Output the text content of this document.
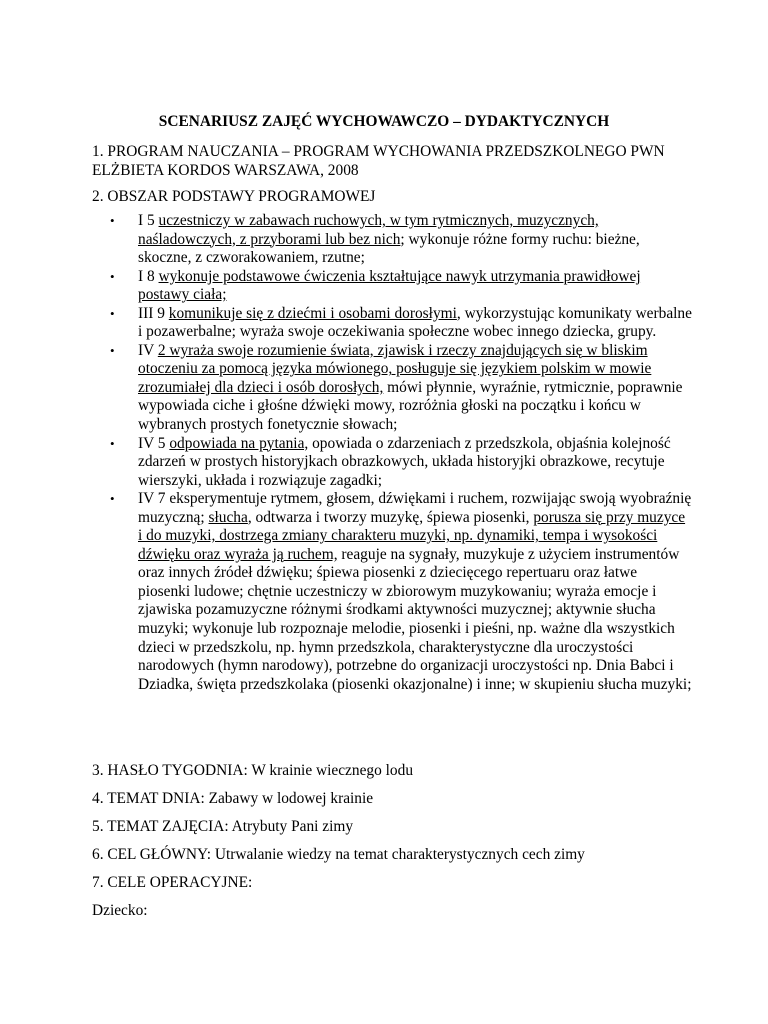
SCENARIUSZ ZAJĘĆ WYCHOWAWCZO – DYDAKTYCZNYCH

1. PROGRAM NAUCZANIA – PROGRAM WYCHOWANIA PRZEDSZKOLNEGO PWN

ELŻBIETA KORDOS WARSZAWA, 2008

2. OBSZAR PODSTAWY PROGRAMOWEJ

• I 5 uczestniczy w zabawach ruchowych, w tym rytmicznych, muzycznych, naśladowczych, z przyborami lub bez nich; wykonuje różne formy ruchu: bieżne, skoczne, z czworakowaniem, rzutne;
• I 8 wykonuje podstawowe ćwiczenia kształtujące nawyk utrzymania prawidłowej postawy ciała;
• III 9 komunikuje się z dziećmi i osobami dorosłymi, wykorzystując komunikaty werbalne i pozawerbalne; wyraża swoje oczekiwania społeczne wobec innego dziecka, grupy.
• IV 2 wyraża swoje rozumienie świata, zjawisk i rzeczy znajdujących się w bliskim otoczeniu za pomocą języka mówionego, posługuje się językiem polskim w mowie zrozumiałej dla dzieci i osób dorosłych, mówi płynnie, wyraźnie, rytmicznie, poprawnie wypowiada ciche i głośne dźwięki mowy, rozróżnia głoski na początku i końcu w wybranych prostych fonetycznie słowach;
• IV 5 odpowiada na pytania, opowiada o zdarzeniach z przedszkola, objaśnia kolejność zdarzeń w prostych historyjkach obrazkowych, układa historyjki obrazkowe, recytuje wierszyki, układa i rozwiązuje zagadki;
• IV 7 eksperymentuje rytmem, głosem, dźwiękami i ruchem, rozwijając swoją wyobraźnię muzyczną; słucha, odtwarza i tworzy muzykę, śpiewa piosenki, porusza się przy muzyce i do muzyki, dostrzega zmiany charakteru muzyki, np. dynamiki, tempa i wysokości dźwięku oraz wyraża ją ruchem, reaguje na sygnały, muzykuje z użyciem instrumentów oraz innych źródeł dźwięku; śpiewa piosenki z dziecięcego repertuaru oraz łatwe piosenki ludowe; chętnie uczestniczy w zbiorowym muzykowaniu; wyraża emocje i zjawiska pozamuzyczne różnymi środkami aktywności muzycznej; aktywnie słucha muzyki; wykonuje lub rozpoznaje melodie, piosenki i pieśni, np. ważne dla wszystkich dzieci w przedszkolu, np. hymn przedszkola, charakterystyczne dla uroczystości narodowych (hymn narodowy), potrzebne do organizacji uroczystości np. Dnia Babci i Dziadka, święta przedszkolaka (piosenki okazjonalne) i inne; w skupieniu słucha muzyki;

3. HASŁO TYGODNIA: W krainie wiecznego lodu

4. TEMAT DNIA: Zabawy w lodowej krainie

5. TEMAT ZAJĘCIA: Atrybuty Pani zimy

6. CEL GŁÓWNY: Utrwalanie wiedzy na temat charakterystycznych cech zimy

7. CELE OPERACYJNE:

Dziecko:
